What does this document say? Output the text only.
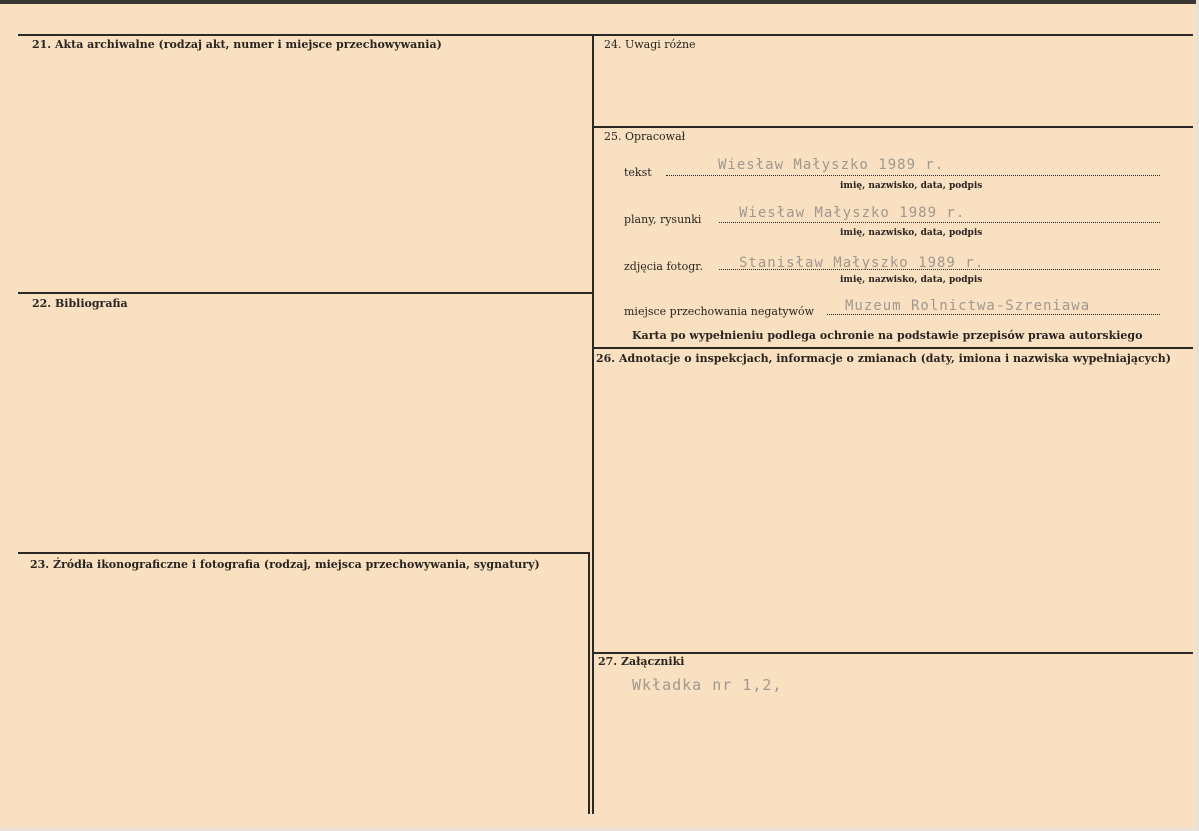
21. Akta archiwalne (rodzaj akt, numer i miejsce przechowywania)
22. Bibliografia
23. Źródła ikonograficzne i fotografia (rodzaj, miejsca przechowywania, sygnatury)
24. Uwagi różne
25. Opracował
tekst	Wiesław Małyszko 1989 r.
imię, nazwisko, data, podpis
plany, rysunki	Wiesław Małyszko 1989 r.
imię, nazwisko, data, podpis
zdjęcia fotogr.	Stanisław Małyszko 1989 r.
imię, nazwisko, data, podpis
miejsce przechowania negatywów Muzeum Rolnictwa-Szreniawa
Karta po wypełnieniu podlega ochronie na podstawie przepisów prawa autorskiego
26. Adnotacje o inspekcjach, informacje o zmianach (daty, imiona i nazwiska wypełniających)
27. Załączniki
Wkładka nr 1,2,
